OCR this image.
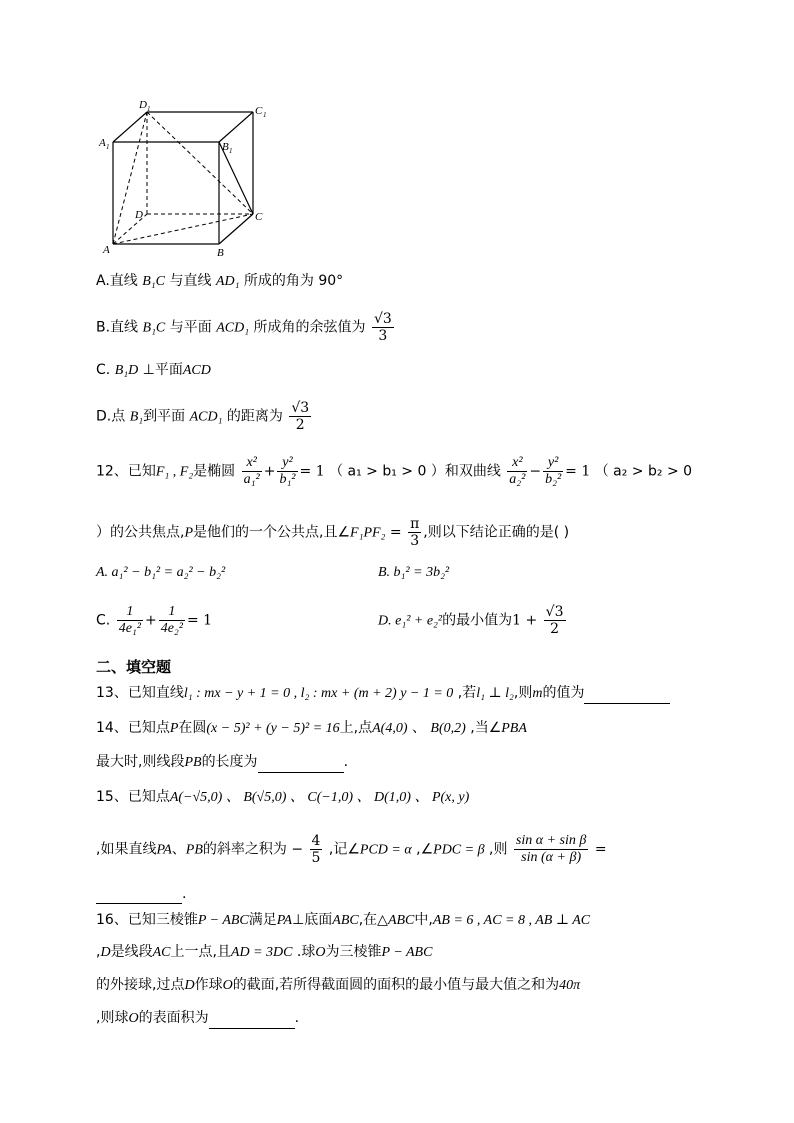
D 1	C 1
A 1	B 1
D	C
A	B
A.直线 B₁C 与直线 AD₁ 所成的角为 90°
B.直线 B₁C 与平面 ACD₁ 所成角的余弦值为 $\frac{√3}{3}$
C. B₁D ⊥平面ACD
D.点 B₁到平面 ACD₁ 的距离为 $\frac{√3}{2}$
12、已知F₁ , F₂是椭圆 $\frac{\text{x²}}{\text{a₁²}} + \frac{\text{y²}}{\text{b₁²}} = 1$ （ a₁ > b₁ > 0 ）和双曲线 $\frac{\text{x²}}{\text{a₂²}} - \frac{\text{y²}}{\text{b₂²}} = 1$ （ a₂ > b₂ > 0
）的公共焦点,P是他们的一个公共点,且∠F₁PF₂ = $\frac{\pi}{3}$ ,则以下结论正确的是( )
A. a₁² − b₁² = a₂² − b₂²	B. b₁² = 3b₂²
C. $\frac{1}{\text{4e₁²}} + \frac{1}{\text{4e₂²}} = 1$	D. e₁² + e₂²的最小值为$1 + \frac{√3}{2}$
二、填空题
13、已知直线l₁ : mx − y + 1 = 0 , l₂ : mx + (m + 2) y − 1 = 0 ,若l₁ ⊥ l₂,则m的值为
14、已知点P在圆(x − 5)² + (y − 5)² = 16上,点A(4,0) 、 B(0,2) ,当∠PBA
最大时,则线段PB的长度为	.
15、已知点A(−√5,0) 、 B(√5,0) 、 C(−1,0) 、 D(1,0) 、 P(x, y)
,如果直线PA、PB的斜率之积为 − $\frac{4}{5}$ ,记∠PCD = α ,∠PDC = β ,则 $\frac{\text{sin α + sin β}}{\sin (\alpha + \beta)}$ =
.
16、已知三棱锥P − ABC满足PA⊥底面ABC,在△ABC中,AB = 6 , AC = 8 , AB ⊥ AC
,D是线段AC上一点,且AD = 3DC .球O为三棱锥P − ABC
的外接球,过点D作球O的截面,若所得截面圆的面积的最小值与最大值之和为40π
,则球O的表面积为	.
